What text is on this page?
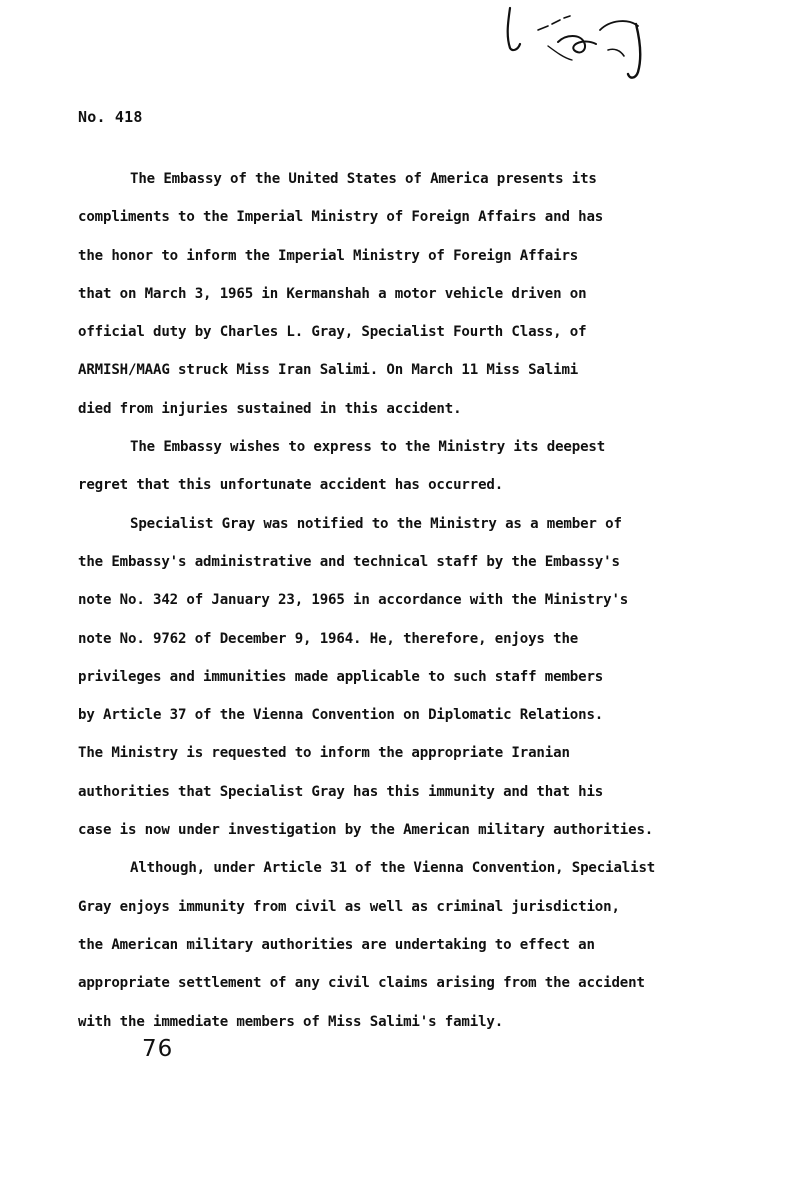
No. 418
The Embassy of the United States of America presents its
compliments to the Imperial Ministry of Foreign Affairs and has
the honor to inform the Imperial Ministry of Foreign Affairs
that on March 3, 1965 in Kermanshah a motor vehicle driven on
official duty by Charles L. Gray, Specialist Fourth Class, of
ARMISH/MAAG struck Miss Iran Salimi. On March 11 Miss Salimi
died from injuries sustained in this accident.
The Embassy wishes to express to the Ministry its deepest
regret that this unfortunate accident has occurred.
Specialist Gray was notified to the Ministry as a member of
the Embassy's administrative and technical staff by the Embassy's
note No. 342 of January 23, 1965 in accordance with the Ministry's
note No. 9762 of December 9, 1964. He, therefore, enjoys the
privileges and immunities made applicable to such staff members
by Article 37 of the Vienna Convention on Diplomatic Relations.
The Ministry is requested to inform the appropriate Iranian
authorities that Specialist Gray has this immunity and that his
case is now under investigation by the American military authorities.
Although, under Article 31 of the Vienna Convention, Specialist
Gray enjoys immunity from civil as well as criminal jurisdiction,
the American military authorities are undertaking to effect an
appropriate settlement of any civil claims arising from the accident
with the immediate members of Miss Salimi's family.
76
